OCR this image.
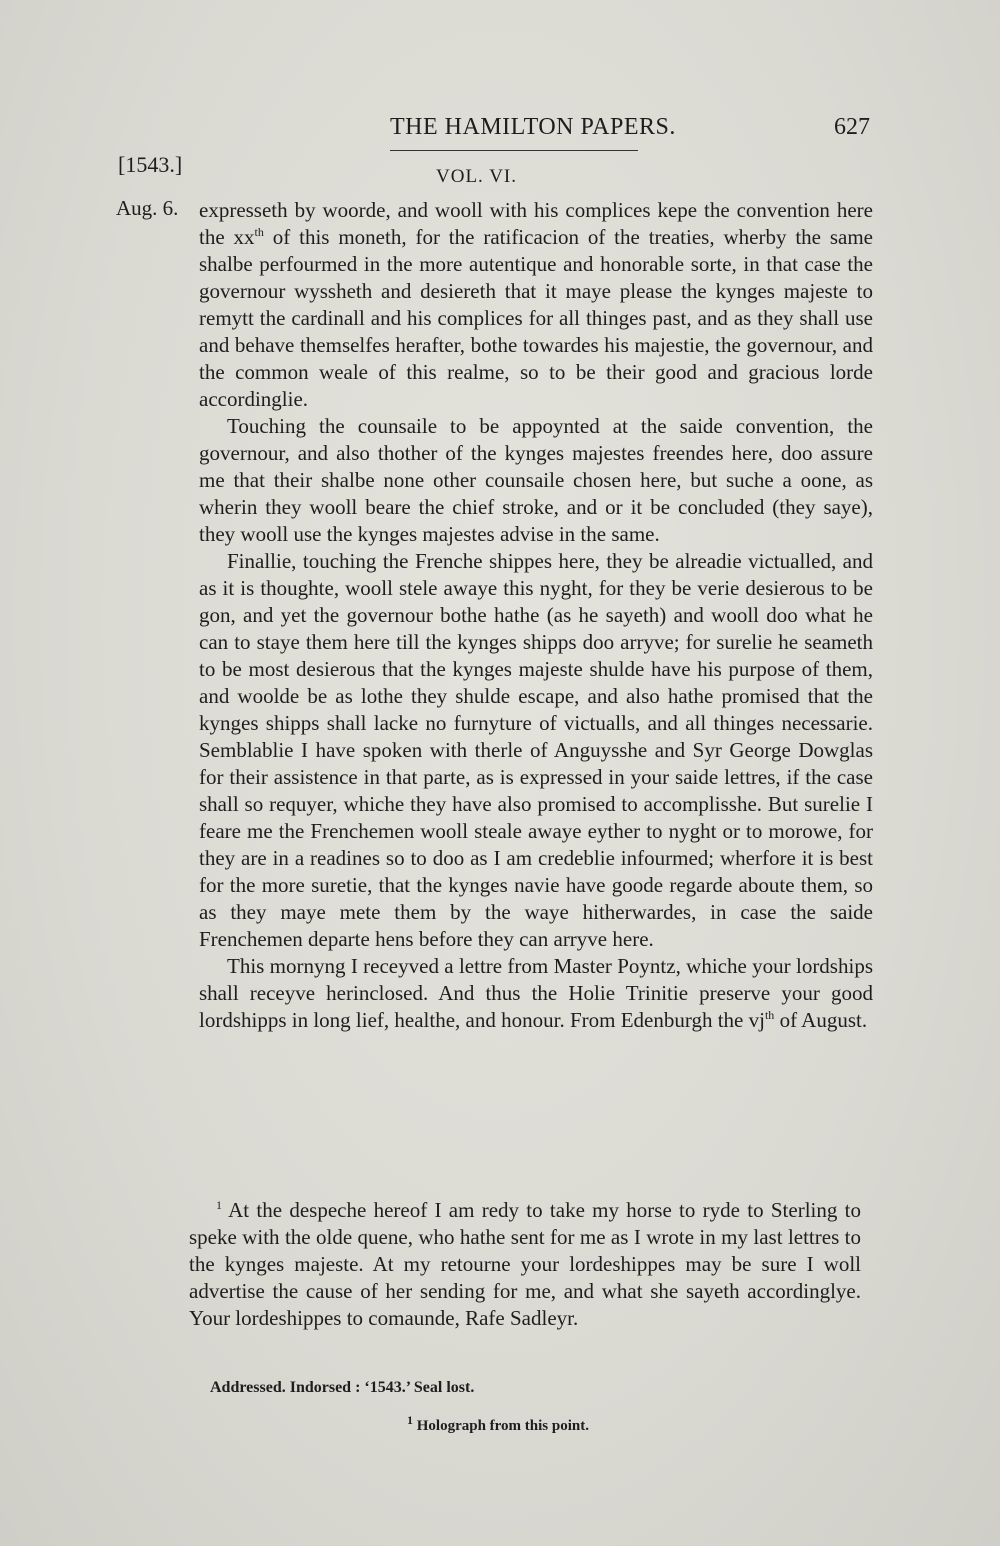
THE HAMILTON PAPERS.	627
[1543.]	VOL. VI.
Aug. 6. expresseth by woorde, and wooll with his complices kepe the convention here the $xx^{th}$ of this moneth, for the ratificacion of the treaties, wherby the same shalbe perfourmed in the more autentique and honorable sorte, in that case the governour wyssheth and desiereth that it maye please the kynges majeste to remytt the cardinall and his complices for all thinges past, and as they shall use and behave themselfes herafter, bothe towardes his majestie, the governour, and the common weale of this realme, so to be their good and gracious lorde accordinglie.

Touching the counsaile to be appoynted at the saide convention, the governour, and also thother of the kynges majestes freendes here, doo assure me that their shalbe none other counsaile chosen here, but suche a oone, as wherin they wooll beare the chief stroke, and or it be concluded (they saye), they wooll use the kynges majestes advise in the same.

Finallie, touching the Frenche shippes here, they be alreadie victualled, and as it is thoughte, wooll stele awaye this nyght, for they be verie desierous to be gon, and yet the governour bothe hathe (as he sayeth) and wooll doo what he can to staye them here till the kynges shipps doo arryve; for surelie he seameth to be most desierous that the kynges majeste shulde have his purpose of them, and woolde be as lothe they shulde escape, and also hathe promised that the kynges shipps shall lacke no furnyture of victualls, and all thinges necessarie. Semblablie I have spoken with therle of Anguysshe and Syr George Dowglas for their assistence in that parte, as is expressed in your saide lettres, if the case shall so requyer, whiche they have also promised to accomplisshe. But surelie I feare me the Frenchemen wooll steale awaye eyther to nyght or to morowe, for they are in a readines so to doo as I am credeblie infourmed; wherfore it is best for the more suretie, that the kynges navie have goode regarde aboute them, so as they maye mete them by the waye hitherwardes, in case the saide Frenchemen departe hens before they can arryve here.

This mornyng I receyved a lettre from Master Poyntz, whiche your lordships shall receyve herinclosed. And thus the Holie Trinitie preserve your good lordshipps in long lief, healthe, and honour. From Edenburgh the $vj^{th}$ of August.

$^1$ At the despeche hereof I am redy to take my horse to ryde to Sterling to speke with the olde quene, who hathe sent for me as I wrote in my last lettres to the kynges majeste. At my retourne your lordeshippes may be sure I woll advertise the cause of her sending for me, and what she sayeth accordinglye. Your lordeshippes to comaunde, Rafe Sadleyr.
Addressed. Indorsed : ‘1543.’ Seal lost.
$^1$ Holograph from this point.
